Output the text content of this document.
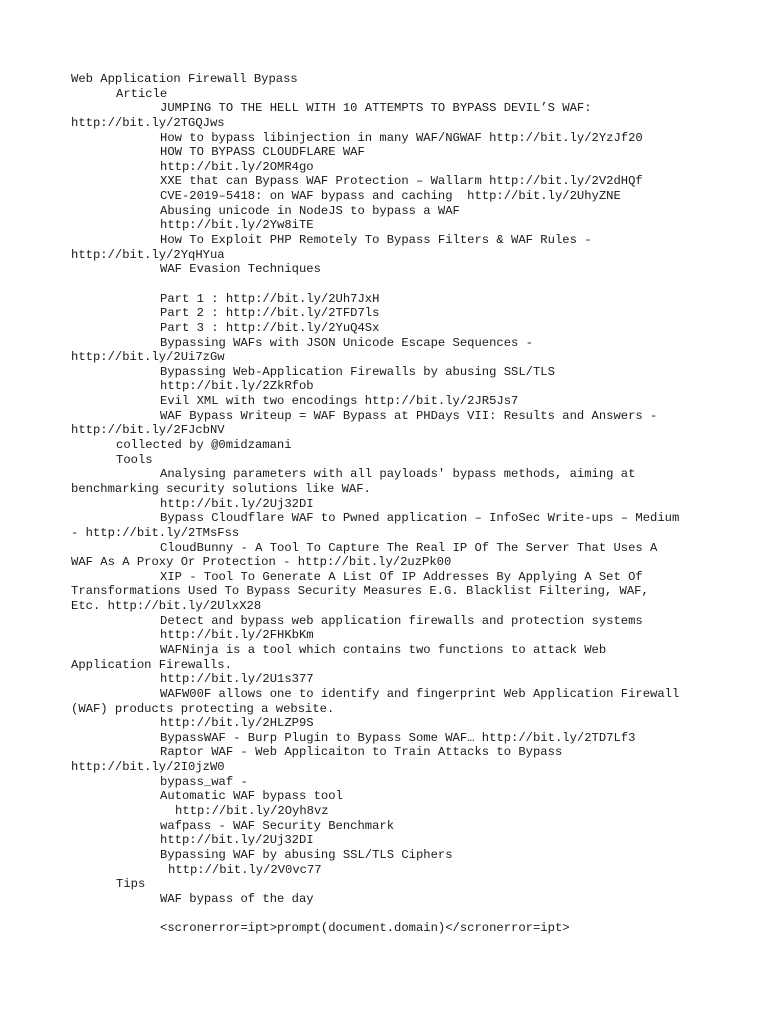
Web Application Firewall Bypass
Article
JUMPING TO THE HELL WITH 10 ATTEMPTS TO BYPASS DEVIL’S WAF:
http://bit.ly/2TGQJws
How to bypass libinjection in many WAF/NGWAF http://bit.ly/2YzJf20
HOW TO BYPASS CLOUDFLARE WAF
http://bit.ly/2OMR4go
XXE that can Bypass WAF Protection – Wallarm http://bit.ly/2V2dHQf
CVE-2019–5418: on WAF bypass and caching  http://bit.ly/2UhyZNE
Abusing unicode in NodeJS to bypass a WAF
http://bit.ly/2Yw8iTE
How To Exploit PHP Remotely To Bypass Filters & WAF Rules -
http://bit.ly/2YqHYua
WAF Evasion Techniques
Part 1 : http://bit.ly/2Uh7JxH
Part 2 : http://bit.ly/2TFD7ls
Part 3 : http://bit.ly/2YuQ4Sx
Bypassing WAFs with JSON Unicode Escape Sequences -
http://bit.ly/2Ui7zGw
Bypassing Web-Application Firewalls by abusing SSL/TLS
http://bit.ly/2ZkRfob
Evil XML with two encodings http://bit.ly/2JR5Js7
WAF Bypass Writeup = WAF Bypass at PHDays VII: Results and Answers -
http://bit.ly/2FJcbNV
collected by @0midzamani
Tools
Analysing parameters with all payloads' bypass methods, aiming at
benchmarking security solutions like WAF.
http://bit.ly/2Uj32DI
Bypass Cloudflare WAF to Pwned application – InfoSec Write-ups – Medium
- http://bit.ly/2TMsFss
CloudBunny - A Tool To Capture The Real IP Of The Server That Uses A
WAF As A Proxy Or Protection - http://bit.ly/2uzPk00
XIP - Tool To Generate A List Of IP Addresses By Applying A Set Of
Transformations Used To Bypass Security Measures E.G. Blacklist Filtering, WAF,
Etc. http://bit.ly/2UlxX28
Detect and bypass web application firewalls and protection systems
http://bit.ly/2FHKbKm
WAFNinja is a tool which contains two functions to attack Web
Application Firewalls.
http://bit.ly/2U1s377
WAFW00F allows one to identify and fingerprint Web Application Firewall
(WAF) products protecting a website.
http://bit.ly/2HLZP9S
BypassWAF - Burp Plugin to Bypass Some WAF… http://bit.ly/2TD7Lf3
Raptor WAF - Web Applicaiton to Train Attacks to Bypass
http://bit.ly/2I0jzW0
bypass_waf -
Automatic WAF bypass tool
http://bit.ly/2Oyh8vz
wafpass - WAF Security Benchmark
http://bit.ly/2Uj32DI
Bypassing WAF by abusing SSL/TLS Ciphers
http://bit.ly/2V0vc77
Tips
WAF bypass of the day
<scronerror=ipt>prompt(document.domain)</scronerror=ipt>
